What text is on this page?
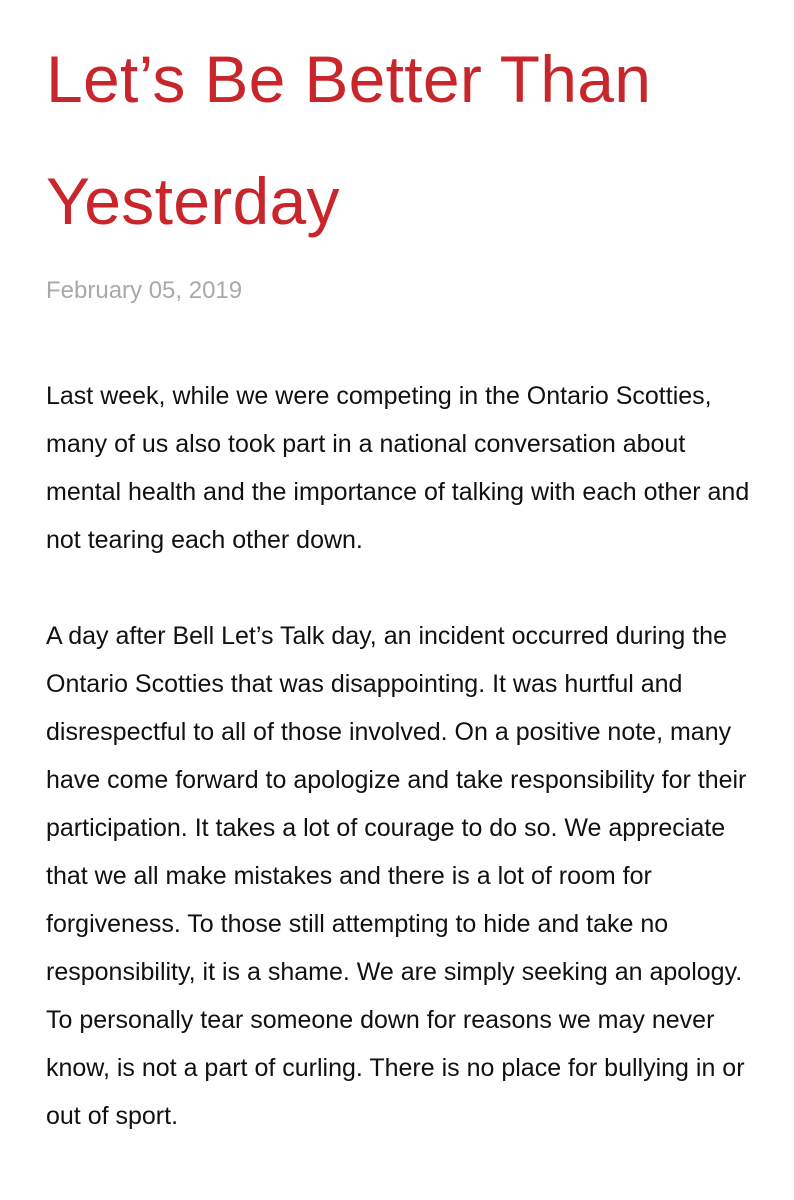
Let’s Be Better Than Yesterday
February 05, 2019

Last week, while we were competing in the Ontario Scotties, many of us also took part in a national conversation about mental health and the importance of talking with each other and not tearing each other down.

A day after Bell Let’s Talk day, an incident occurred during the Ontario Scotties that was disappointing. It was hurtful and disrespectful to all of those involved. On a positive note, many have come forward to apologize and take responsibility for their participation. It takes a lot of courage to do so. We appreciate that we all make mistakes and there is a lot of room for forgiveness. To those still attempting to hide and take no responsibility, it is a shame. We are simply seeking an apology. To personally tear someone down for reasons we may never know, is not a part of curling. There is no place for bullying in or out of sport.
